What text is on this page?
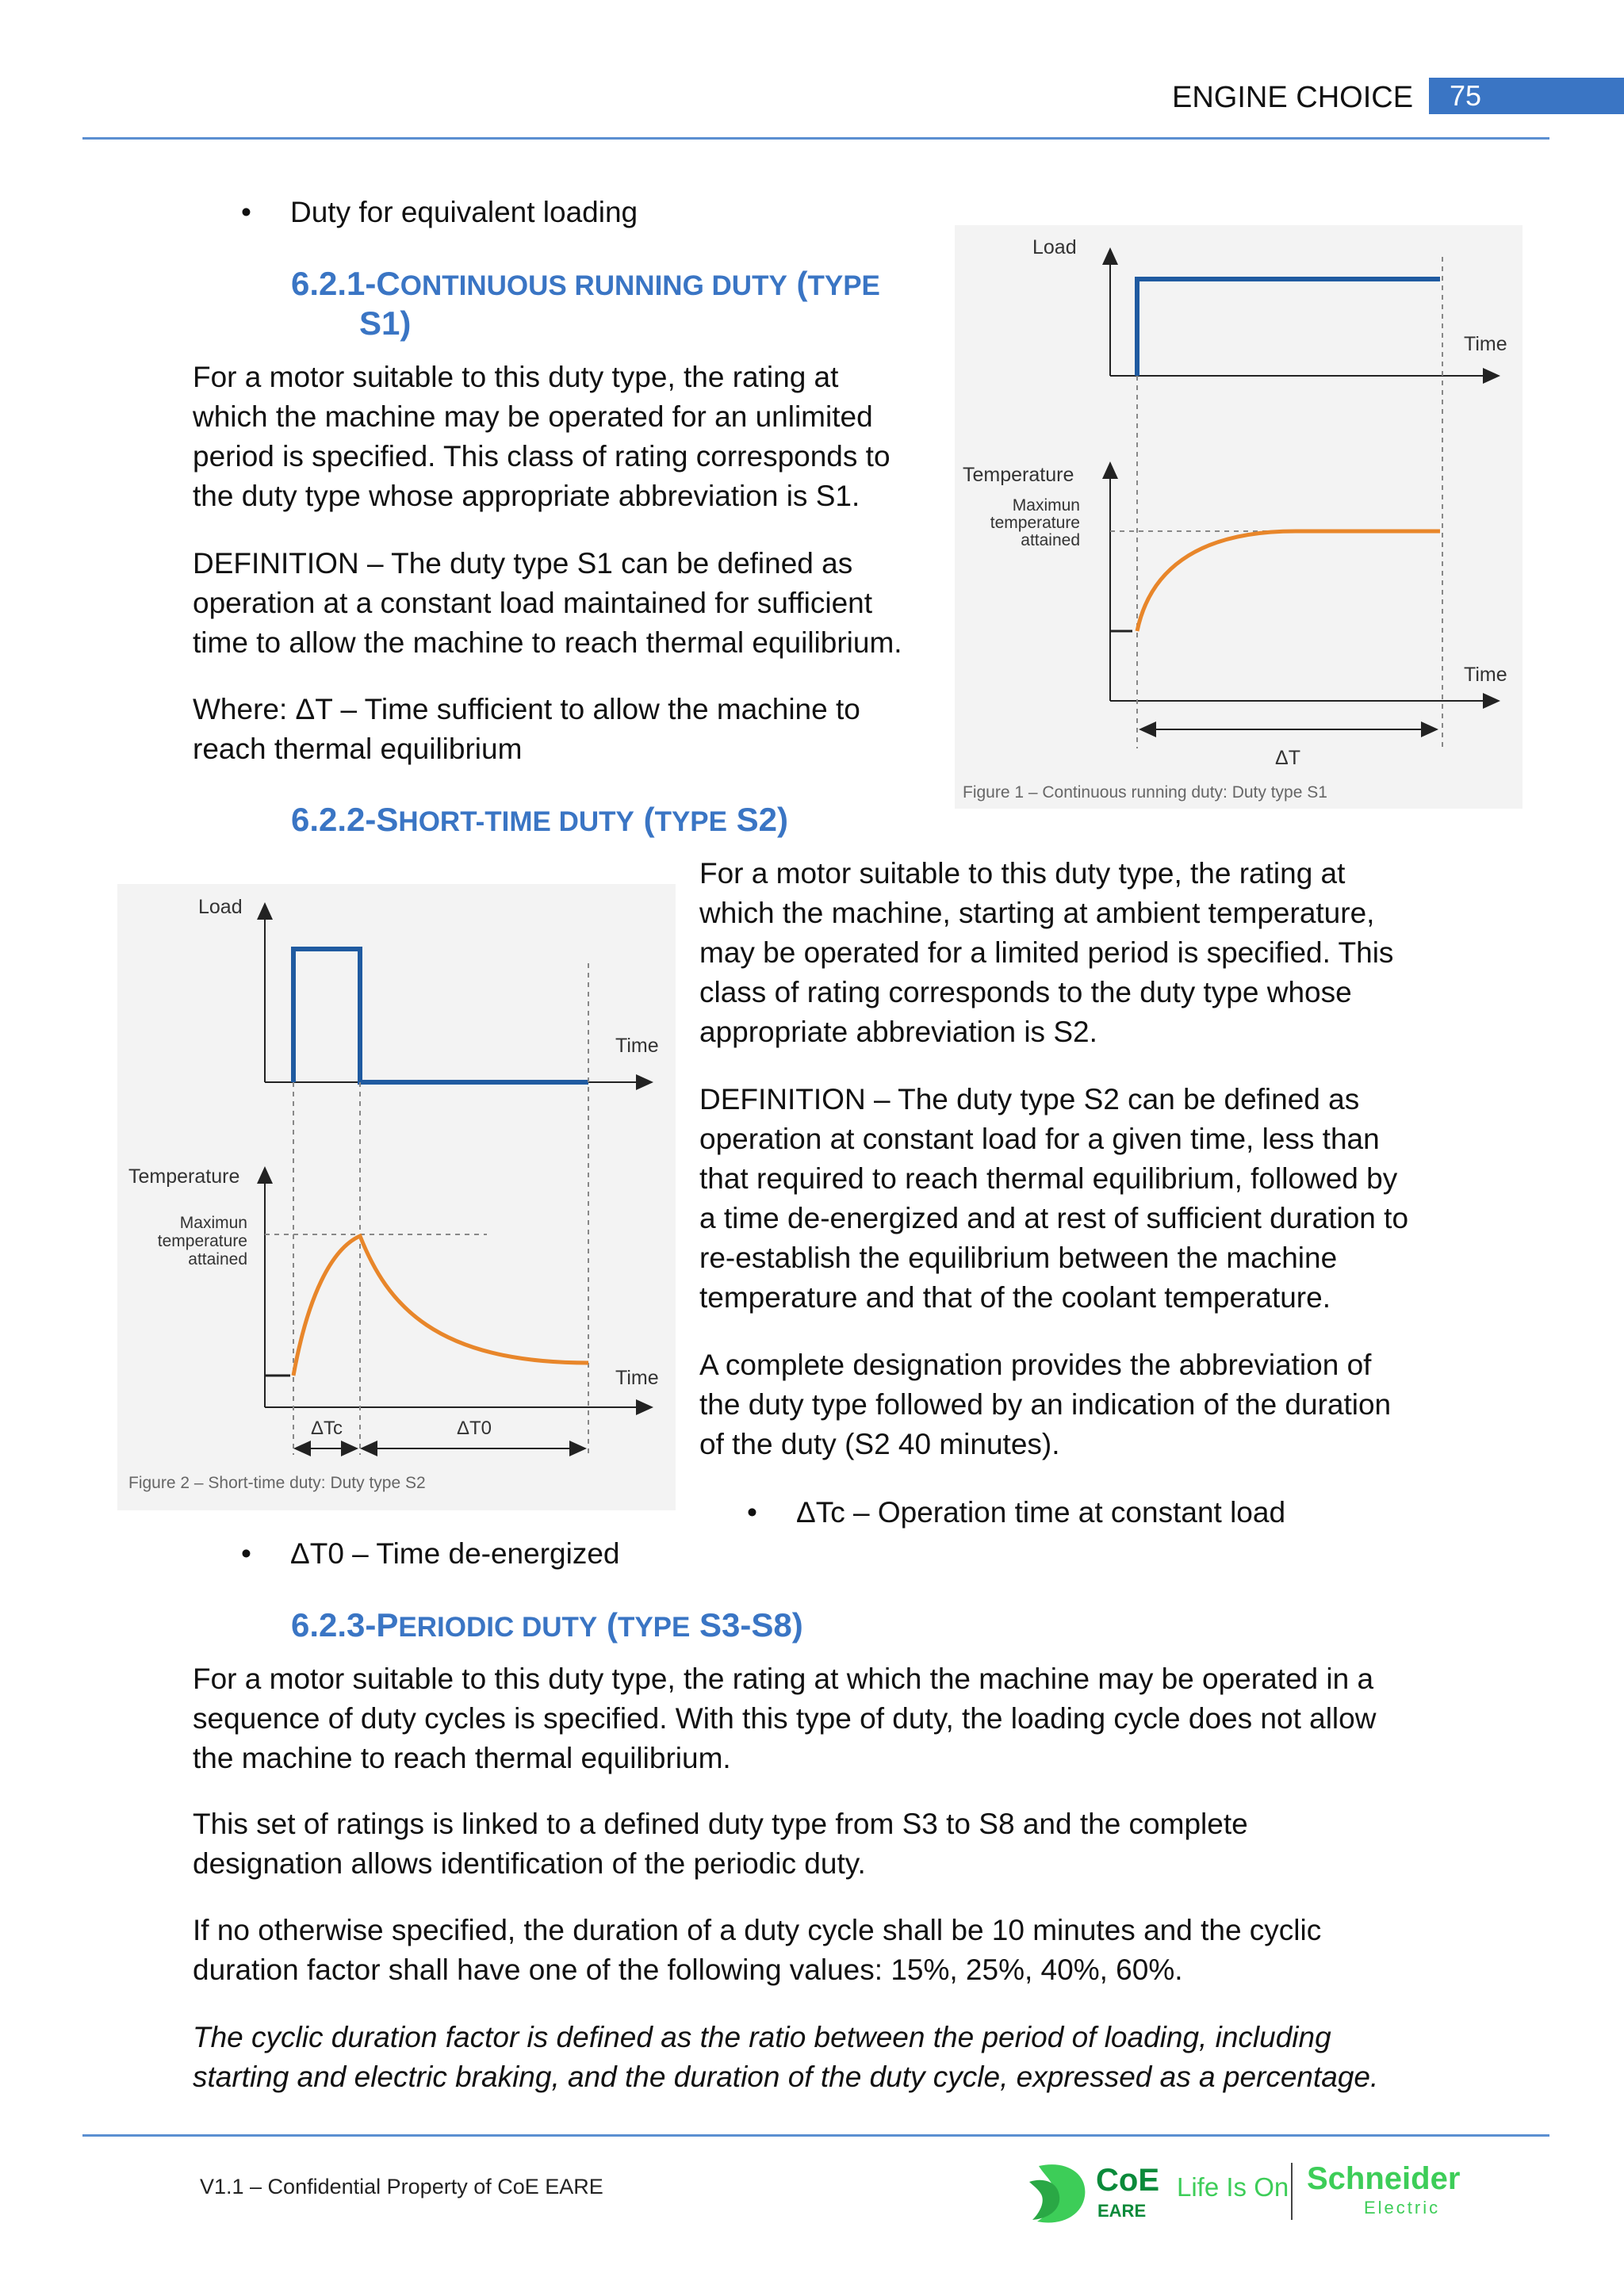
ENGINE CHOICE 75
• Duty for equivalent loading
6.2.1-CONTINUOUS RUNNING DUTY (TYPE
S1)

For a motor suitable to this duty type, the rating at

which the machine may be operated for an unlimited

period is specified. This class of rating corresponds to

the duty type whose appropriate abbreviation is S1.

DEFINITION – The duty type S1 can be defined as

operation at a constant load maintained for sufficient

time to allow the machine to reach thermal equilibrium.

Where: ΔT – Time sufficient to allow the machine to

reach thermal equilibrium

Load
Time
Temperature
Maximun
temperature
attained
Time
ΔT
Figure 1 – Continuous running duty: Duty type S1
6.2.2-SHORT-TIME DUTY (TYPE S2)
Load
Time
Temperature
Maximun
temperature
attained
Time
ΔTc	ΔT0
Figure 2 – Short-time duty: Duty type S2

For a motor suitable to this duty type, the rating at

which the machine, starting at ambient temperature,

may be operated for a limited period is specified. This

class of rating corresponds to the duty type whose

appropriate abbreviation is S2.

DEFINITION – The duty type S2 can be defined as

operation at constant load for a given time, less than

that required to reach thermal equilibrium, followed by

a time de-energized and at rest of sufficient duration to

re-establish the equilibrium between the machine

temperature and that of the coolant temperature.

A complete designation provides the abbreviation of

the duty type followed by an indication of the duration

of the duty (S2 40 minutes).

• ΔTc – Operation time at constant load
• ΔT0 – Time de-energized
6.2.3-PERIODIC DUTY (TYPE S3-S8)

For a motor suitable to this duty type, the rating at which the machine may be operated in a

sequence of duty cycles is specified. With this type of duty, the loading cycle does not allow

the machine to reach thermal equilibrium.

This set of ratings is linked to a defined duty type from S3 to S8 and the complete

designation allows identification of the periodic duty.

If no otherwise specified, the duration of a duty cycle shall be 10 minutes and the cyclic

duration factor shall have one of the following values: 15%, 25%, 40%, 60%.

The cyclic duration factor is defined as the ratio between the period of loading, including

starting and electric braking, and the duration of the duty cycle, expressed as a percentage.

V1.1 – Confidential Property of CoE EARE	CoE
EARE
Life Is On Schneider
Electric
